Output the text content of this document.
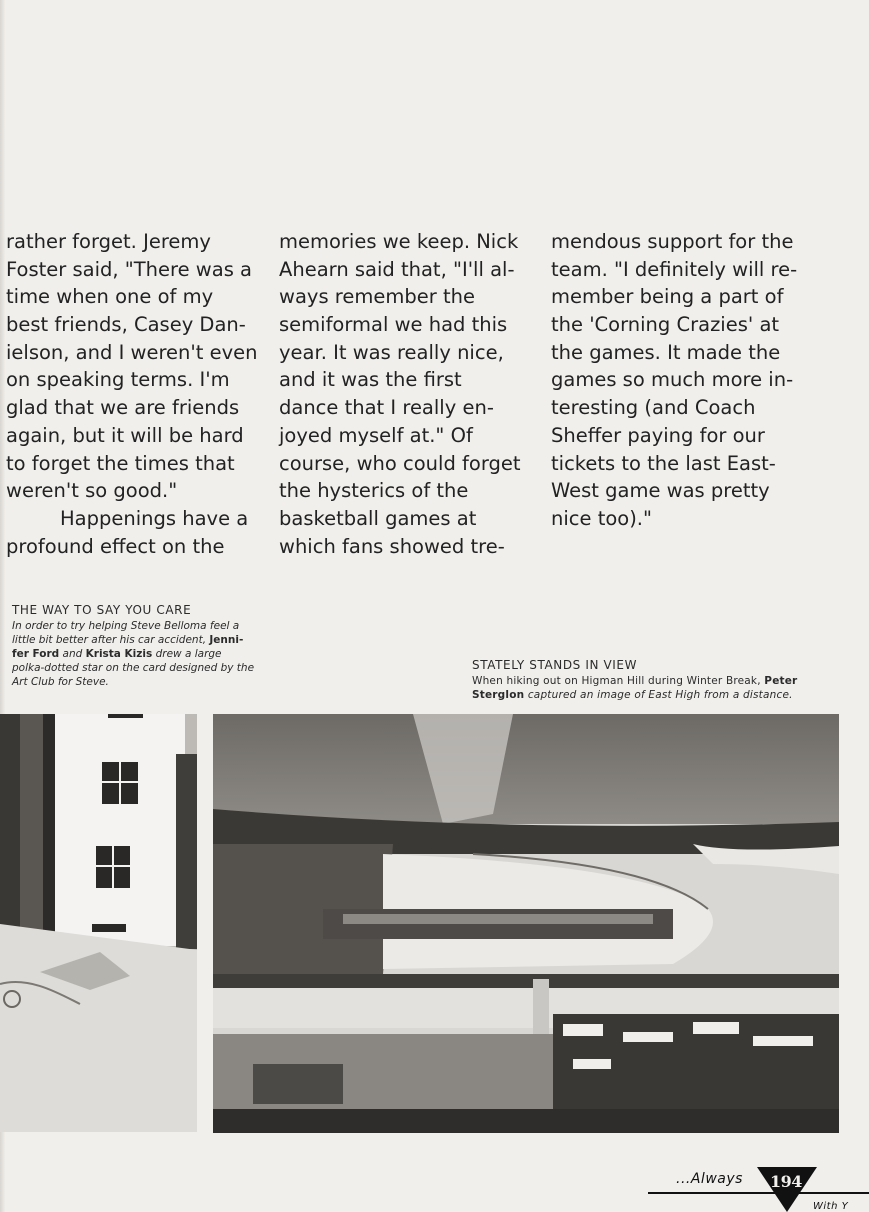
rather forget. Jeremy
Foster said, "There was a
time when one of my
best friends, Casey Dan-
ielson, and I weren't even
on speaking terms. I'm
glad that we are friends
again, but it will be hard
to forget the times that
weren't so good."
Happenings have a
profound effect on the
memories we keep. Nick
Ahearn said that, "I'll al-
ways remember the
semiformal we had this
year. It was really nice,
and it was the first
dance that I really en-
joyed myself at." Of
course, who could forget
the hysterics of the
basketball games at
which fans showed tre-
mendous support for the
team. "I definitely will re-
member being a part of
the 'Corning Crazies' at
the games. It made the
games so much more in-
teresting (and Coach
Sheffer paying for our
tickets to the last East-
West game was pretty
nice too)."
THE WAY TO SAY YOU CARE
In order to try helping Steve Belloma feel a
little bit better after his car accident, Jenni-
fer Ford and Krista Kizis drew a large
polka-dotted star on the card designed by the
Art Club for Steve.
STATELY STANDS IN VIEW
When hiking out on Higman Hill during Winter Break, Peter
Sterglon captured an image of East High from a distance.
...Always 194
With Y
